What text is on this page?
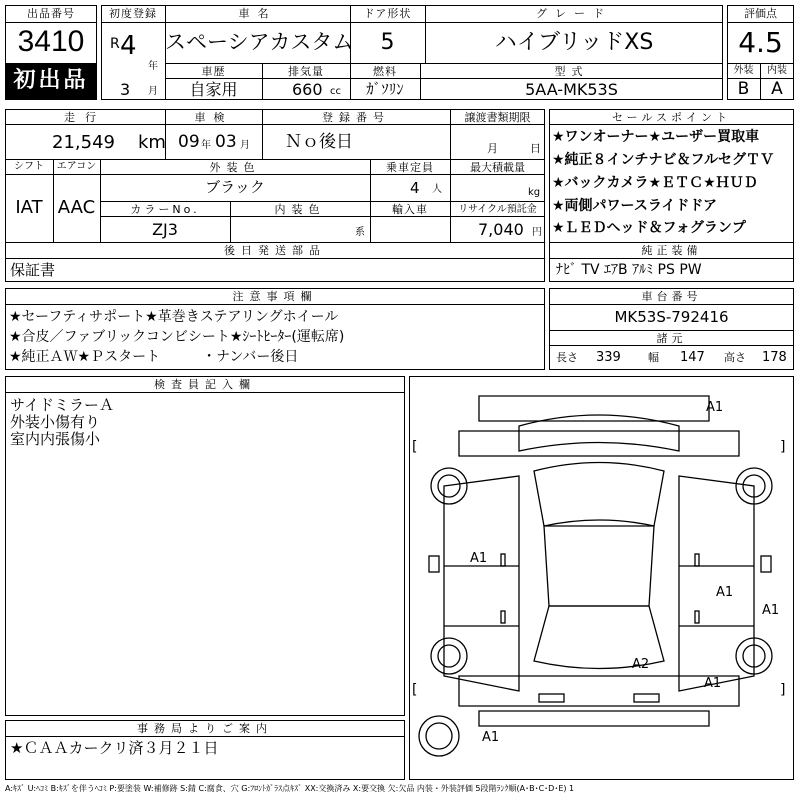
出品番号
3410
初出品
初度登録
R 4
年
3 月
車名
スペーシアカスタム
ドア形状
5
グレード
ハイブリッドXS
車歴
自家用
排気量
660 cc
燃料
ｶﾞｿﾘﾝ
型式
5AA-MK53S
評価点
4.5
外装	内装
B	A
走行
21,549 km
車検
09 年 03 月
登録番号
Ｎｏ後日
譲渡書類期限
月	日
シフト	エアコン
IAT AAC
外装色
ブラック
乗車定員
4 人
最大積載量
kg
カラーNo.
ZJ3
内装色
系
輸入車	リサイクル預託金
7,040 円
後日発送部品
保証書
セールスポイント
★ワンオーナー★ユーザー買取車
★純正８インチナビ＆フルセグＴＶ
★バックカメラ★ＥＴＣ★ＨＵＤ
★両側パワースライドドア
★ＬＥＤヘッド＆フォグランプ
純正装備
ﾅﾋﾞ TV ｴｱB ｱﾙﾐ PS PW
注意事項欄
★セーフティサポート★革巻きステアリングホイール
★合皮／ファブリックコンビシート★ｼｰﾄﾋｰﾀｰ(運転席)
★純正ＡＷ★Ｐスタート　　　・ナンバー後日
車台番号
MK53S-792416
諸元
長さ 339 幅 147 高さ 178
検査員記入欄
サイドミラーＡ
外装小傷有り
室内内張傷小
事務局よりご案内
★ＣＡＡカークリ済３月２１日
[	]
[	]
A1
A1
A1
A1
A2
A1
A1
A:ｷｽﾞ U:ﾍｺﾐ B:ｷｽﾞを伴うﾍｺﾐ P:要塗装 W:補修跡 S:錆 C:腐食、穴 G:ﾌﾛﾝﾄｶﾞﾗｽ点ｷｽﾞ XX:交換済み X:要交換 欠:欠品 内装・外装評価 5段階ﾗﾝｸ順(A･B･C･D･E) 1
